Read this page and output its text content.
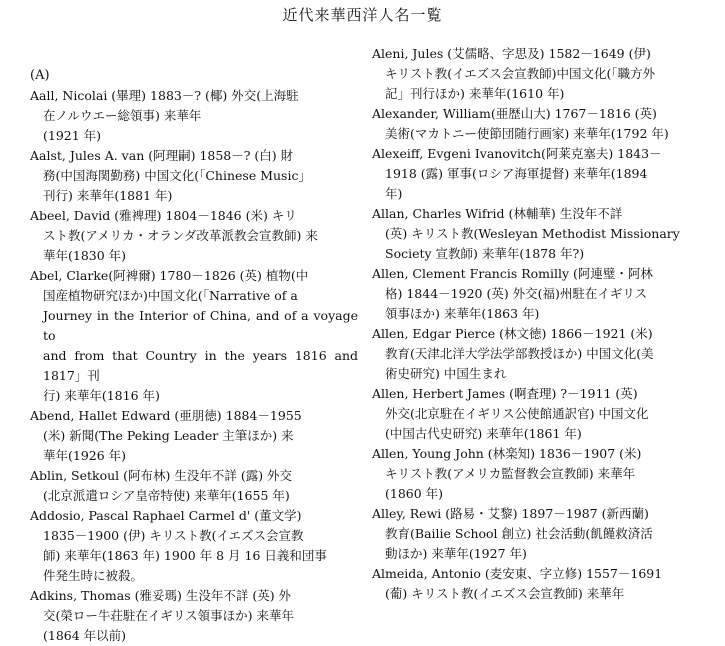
近代来華西洋人名一覧

(A)

Aall, Nicolai (畢理) 1883－? (椰) 外交(上海駐
在ノルウエー総領事) 来華年
(1921 年)
Aalst, Jules A. van (阿理嗣) 1858－? (白) 財
務(中国海関勤務) 中国文化(「Chinese Music」
刊行) 来華年(1881 年)
Abeel, David (雅裨理) 1804－1846 (米) キリ
スト教(アメリカ・オランダ改革派教会宣教師) 来
華年(1830 年)
Abel, Clarke(阿裨爾) 1780－1826 (英) 植物(中
国産植物研究ほか)中国文化(「Narrative of a
Journey in the Interior of China, and of a voyage to
and from that Country in the years 1816 and 1817」刊
行) 来華年(1816 年)
Abend, Hallet Edward (亜朋徳) 1884－1955
(米) 新聞(The Peking Leader 主筆ほか) 来
華年(1926 年)
Ablin, Setkoul (阿布林) 生没年不詳 (露) 外交
(北京派遣ロシア皇帝特使) 来華年(1655 年)
Addosio, Pascal Raphael Carmel d' (董文学)
1835－1900 (伊) キリスト教(イエズス会宣教
師) 来華年(1863 年) 1900 年 8 月 16 日義和団事
件発生時に被殺。
Adkins, Thomas (雅妥瑪) 生没年不詳 (英) 外
交(榮ロー牛荘駐在イギリス領事ほか) 来華年
(1864 年以前)
Aleni, Jules (艾儒略、字思及) 1582－1649 (伊)
キリスト教(イエズス会宣教師)中国文化(「職方外
記」刊行ほか) 来華年(1610 年)
Alexander, William(亜歴山大) 1767－1816 (英)
美術(マカトニー使節団随行画家) 来華年(1792 年)
Alexeiff, Evgeni Ivanovitch(阿莱克塞夫) 1843－
1918 (露) 軍事(ロシア海軍提督) 来華年(1894
年)
Allan, Charles Wifrid (林輔華) 生没年不詳
(英) キリスト教(Wesleyan Methodist Missionary
Society 宣教師) 来華年(1878 年?)
Allen, Clement Francis Romilly (阿連璧・阿林
格) 1844－1920 (英) 外交(福)州駐在イギリス
領事ほか) 来華年(1863 年)
Allen, Edgar Pierce (林文徳) 1866－1921 (米)
教育(天津北洋大学法学部教授ほか) 中国文化(美
術史研究) 中国生まれ
Allen, Herbert James (啊査理) ?－1911 (英)
外交(北京駐在イギリス公使館通訳官) 中国文化
(中国古代史研究) 来華年(1861 年)
Allen, Young John (林楽知) 1836－1907 (米)
キリスト教(アメリカ監督教会宣教師) 来華年
(1860 年)
Alley, Rewi (路易・艾黎) 1897－1987 (新西蘭)
教育(Bailie School 創立) 社会活動(飢饉救済活
動ほか) 来華年(1927 年)
Almeida, Antonio (麦安東、字立修) 1557－1691
(葡) キリスト教(イエズス会宣教師) 来華年
